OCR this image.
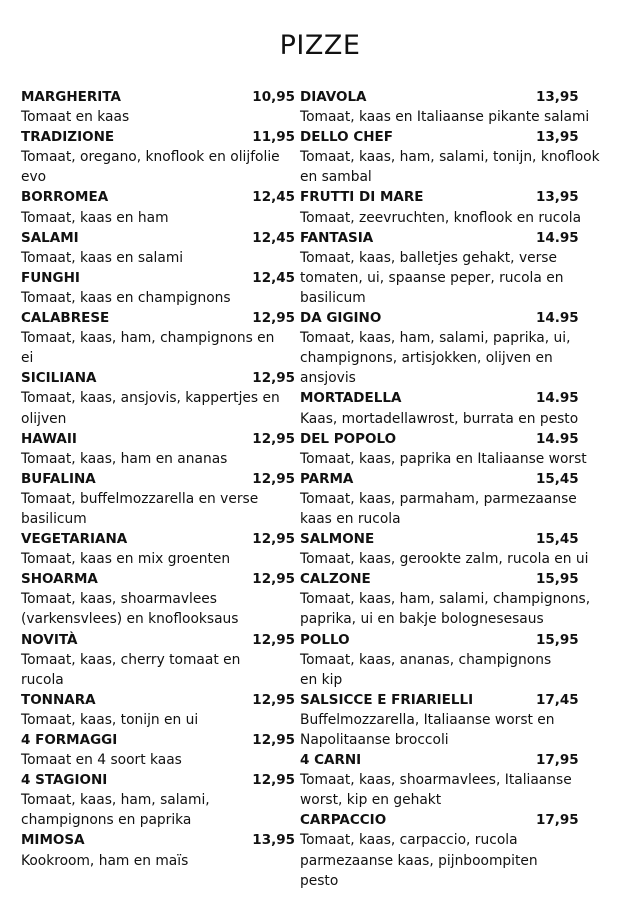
PIZZE
MARGHERITA	10,95
Tomaat en kaas
TRADIZIONE	11,95
Tomaat, oregano, knoflook en olijfolie
evo
BORROMEA	12,45
Tomaat, kaas en ham
SALAMI	12,45
Tomaat, kaas en salami
FUNGHI	12,45
Tomaat, kaas en champignons
CALABRESE	12,95
Tomaat, kaas, ham, champignons en
ei
SICILIANA	12,95
Tomaat, kaas, ansjovis, kappertjes en
olijven
HAWAII	12,95
Tomaat, kaas, ham en ananas
BUFALINA	12,95
Tomaat, buffelmozzarella en verse
basilicum
VEGETARIANA	12,95
Tomaat, kaas en mix groenten
SHOARMA	12,95
Tomaat, kaas, shoarmavlees
(varkensvlees) en knoflooksaus
NOVITÀ	12,95
Tomaat, kaas, cherry tomaat en
rucola
TONNARA	12,95
Tomaat, kaas, tonijn en ui
4 FORMAGGI	12,95
Tomaat en 4 soort kaas
4 STAGIONI	12,95
Tomaat, kaas, ham, salami,
champignons en paprika
MIMOSA	13,95
Kookroom, ham en maïs
DIAVOLA	13,95
Tomaat, kaas en Italiaanse pikante salami
DELLO CHEF	13,95
Tomaat, kaas, ham, salami, tonijn, knoflook
en sambal
FRUTTI DI MARE	13,95
Tomaat, zeevruchten, knoflook en rucola
FANTASIA	14.95
Tomaat, kaas, balletjes gehakt, verse
tomaten, ui, spaanse peper, rucola en
basilicum
DA GIGINO	14.95
Tomaat, kaas, ham, salami, paprika, ui,
champignons, artisjokken, olijven en
ansjovis
MORTADELLA	14.95
Kaas, mortadellawrost, burrata en pesto
DEL POPOLO	14.95
Tomaat, kaas, paprika en Italiaanse worst
PARMA	15,45
Tomaat, kaas, parmaham, parmezaanse
kaas en rucola
SALMONE	15,45
Tomaat, kaas, gerookte zalm, rucola en ui
CALZONE	15,95
Tomaat, kaas, ham, salami, champignons,
paprika, ui en bakje bolognesesaus
POLLO	15,95
Tomaat, kaas, ananas, champignons
en kip
SALSICCE E FRIARIELLI	17,45
Buffelmozzarella, Italiaanse worst en
Napolitaanse broccoli
4 CARNI	17,95
Tomaat, kaas, shoarmavlees, Italiaanse
worst, kip en gehakt
CARPACCIO	17,95
Tomaat, kaas, carpaccio, rucola
parmezaanse kaas, pijnboompiten
pesto
